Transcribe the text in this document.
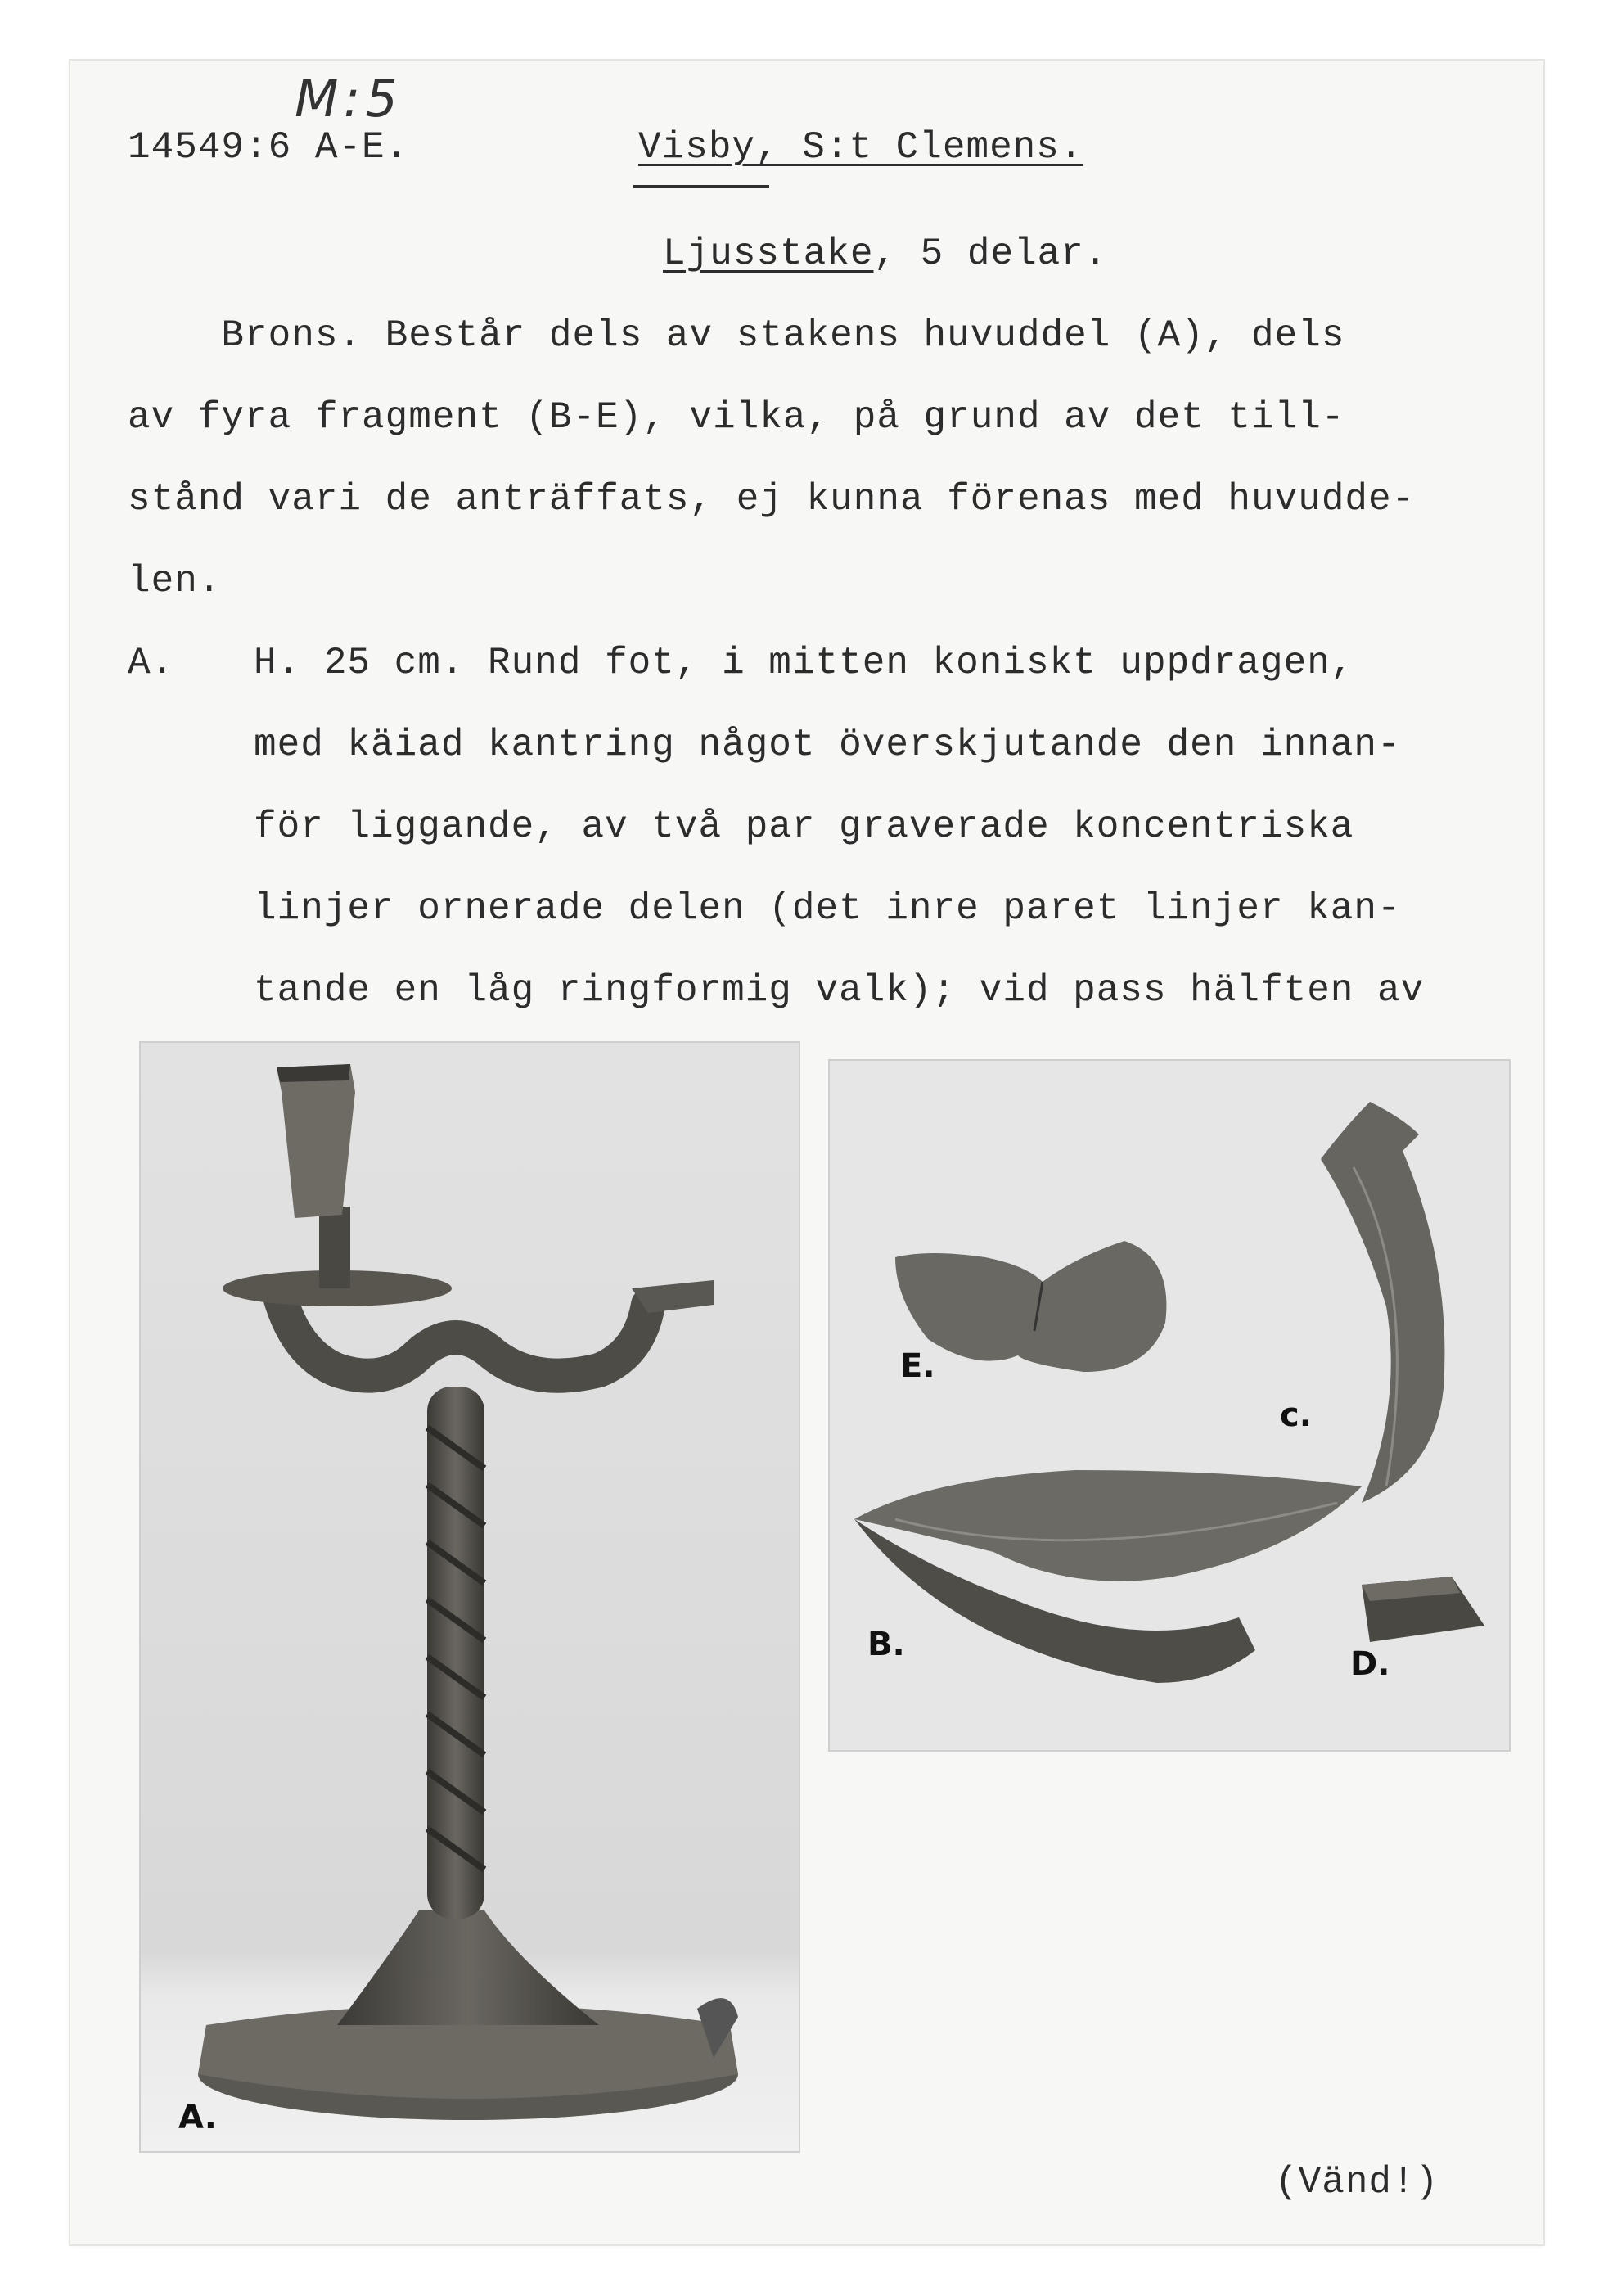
M:5
14549:6 A-E.	Visby, S:t Clemens.
Ljusstake, 5 delar.
Brons. Består dels av stakens huvuddel (A), dels
av fyra fragment (B-E), vilka, på grund av det till-
stånd vari de anträffats, ej kunna förenas med huvudde-
len.
A. H. 25 cm. Rund fot, i mitten koniskt uppdragen,
med käiad kantring något överskjutande den innan-
för liggande, av två par graverade koncentriska
linjer ornerade delen (det inre paret linjer kan-
tande en låg ringformig valk); vid pass hälften av
A.
E.
c.
B.
D.
(Vänd!)
